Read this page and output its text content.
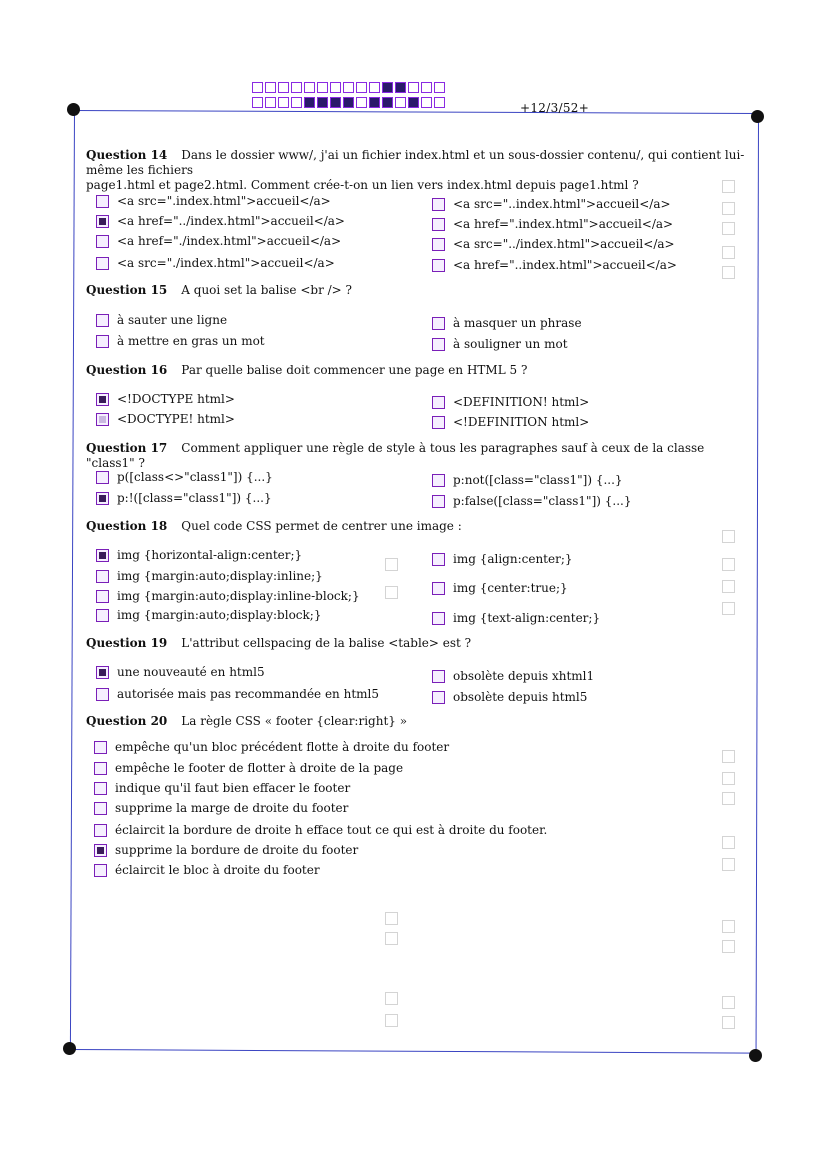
+12/3/52+
Question 14 Dans le dossier www/, j'ai un fichier index.html et un sous-dossier contenu/, qui contient lui-même les fichiers
page1.html et page2.html. Comment crée-t-on un lien vers index.html depuis page1.html ?
<a src=".index.html">accueil</a>
<a href="../index.html">accueil</a>
<a href="./index.html">accueil</a>
<a src="./index.html">accueil</a>
<a src="..index.html">accueil</a>
<a href=".index.html">accueil</a>
<a src="../index.html">accueil</a>
<a href="..index.html">accueil</a>
Question 15 A quoi set la balise <br /> ?
à sauter une ligne
à mettre en gras un mot
à masquer un phrase
à souligner un mot
Question 16 Par quelle balise doit commencer une page en HTML 5 ?
<!DOCTYPE html>
<DOCTYPE! html>
<DEFINITION! html>
<!DEFINITION html>
Question 17 Comment appliquer une règle de style à tous les paragraphes sauf à ceux de la classe "class1" ?
p([class<>"class1"]) {...}
p:!([class="class1"]) {...}
p:not([class="class1"]) {...}
p:false([class="class1"]) {...}
Question 18 Quel code CSS permet de centrer une image :
img {horizontal-align:center;}
img {margin:auto;display:inline;}
img {margin:auto;display:inline-block;}
img {margin:auto;display:block;}
img {align:center;}
img {center:true;}
img {text-align:center;}
Question 19 L'attribut cellspacing de la balise <table> est ?
une nouveauté en html5
autorisée mais pas recommandée en html5
obsolète depuis xhtml1
obsolète depuis html5
Question 20 La règle CSS « footer {clear:right} »
empêche qu'un bloc précédent flotte à droite du footer
empêche le footer de flotter à droite de la page
indique qu'il faut bien effacer le footer
supprime la marge de droite du footer
éclaircit la bordure de droite h efface tout ce qui est à droite du footer.
supprime la bordure de droite du footer
éclaircit le bloc à droite du footer
